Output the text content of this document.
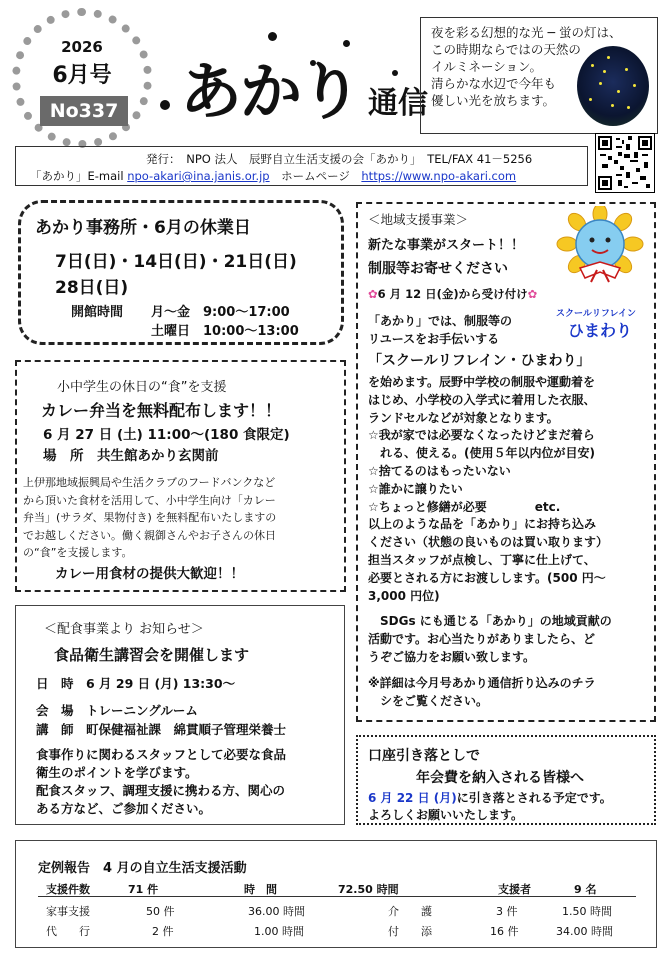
2026
6月号
No337 あかり 通信
夜を彩る幻想的な光 ─ 蛍の灯は、
この時期ならではの天然の
イルミネーション。
清らかな水辺で今年も
優しい光を放ちます。
発行：　NPO 法人　辰野自立生活支援の会「あかり」　TEL/FAX 41－5256
「あかり」E-mail npo-akari@ina.janis.or.jp　ホームページ　https://www.npo-akari.com
あかり事務所・6月の休業日
7日(日)・14日(日)・21日(日)
28日(日)
開館時間 月～金　9:00～17:00
土曜日　10:00～13:00
小中学生の休日の“食”を支援
カレー弁当を無料配布します！！
6 月 27 日 (土) 11:00～(180 食限定)
場　所　共生館あかり玄関前
上伊那地域振興局や生活クラブのフードバンクなど
から頂いた食材を活用して、小中学生向け「カレー
弁当」(サラダ、果物付き) を無料配布いたしますの
でお越しください。働く親御さんやお子さんの休日
の“食”を支援します。
カレー用食材の提供大歓迎！！
＜配食事業より お知らせ＞
食品衛生講習会を開催します
日　時　6 月 29 日 (月) 13:30～
会　場　トレーニングルーム
講　師　町保健福祉課　綿貫順子管理栄養士
食事作りに関わるスタッフとして必要な食品
衛生のポイントを学びます。
配食スタッフ、調理支援に携わる方、関心の
ある方など、ご参加ください。
＜地域支援事業＞
新たな事業がスタート！！
制服等お寄せください
✿6 月 12 日(金)から受け付け✿
「あかり」では、制服等の
リユースをお手伝いする
「スクールリフレイン・ひまわり」
を始めます。辰野中学校の制服や運動着を
はじめ、小学校の入学式に着用した衣服、
ランドセルなどが対象となります。
☆我が家では必要なくなったけどまだ着ら
　れる、使える。(使用５年以内位が目安)
☆捨てるのはもったいない
☆誰かに譲りたい
☆ちょっと修繕が必要　　　　etc.
以上のような品を「あかり」にお持ち込み
ください（状態の良いものは買い取ります）
担当スタッフが点検し、丁寧に仕上げて、
必要とされる方にお渡しします。(500 円～
3,000 円位)
　SDGs にも通じる「あかり」の地域貢献の
活動です。お心当たりがありましたら、ど
うぞご協力をお願い致します。
※詳細は今月号あかり通信折り込みのチラ
　シをご覧ください。
スクールリフレイン
ひまわり
口座引き落としで
年会費を納入される皆様へ
6 月 22 日 (月)に引き落とされる予定です。
よろしくお願いいたします。
定例報告　4 月の自立生活支援活動
支援件数	71 件	時　間	72.50 時間	支援者	9 名
家事支援	50 件	36.00 時間	介　　護	3 件	1.50 時間
代　　行	2 件	1.00 時間	付　　添	16 件	34.00 時間
